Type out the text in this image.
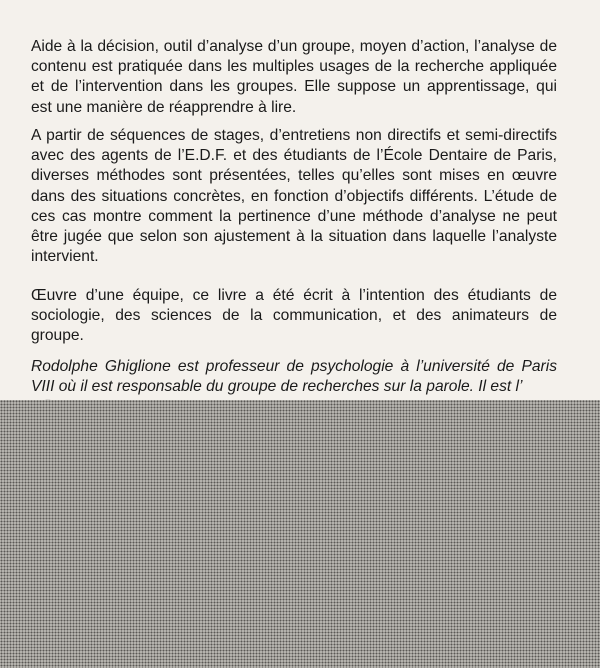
Aide à la décision, outil d’analyse d’un groupe, moyen d’action, l’analyse de contenu est pratiquée dans les multiples usages de la recherche appliquée et de l’intervention dans les groupes. Elle suppose un apprentissage, qui est une manière de réapprendre à lire.

A partir de séquences de stages, d’entretiens non directifs et semi-directifs avec des agents de l’E.D.F. et des étudiants de l’École Dentaire de Paris, diverses méthodes sont présentées, telles qu’elles sont mises en œuvre dans des situations concrètes, en fonction d’objectifs différents. L’étude de ces cas montre comment la pertinence d’une méthode d’analyse ne peut être jugée que selon son ajustement à la situation dans laquelle l’analyste intervient.

Œuvre d’une équipe, ce livre a été écrit à l’intention des étudiants de sociologie, des sciences de la communication, et des animateurs de groupe.

Rodolphe Ghiglione est professeur de psychologie à l’université de Paris VIII où il est responsable du groupe de recherches sur la parole. Il est l’
